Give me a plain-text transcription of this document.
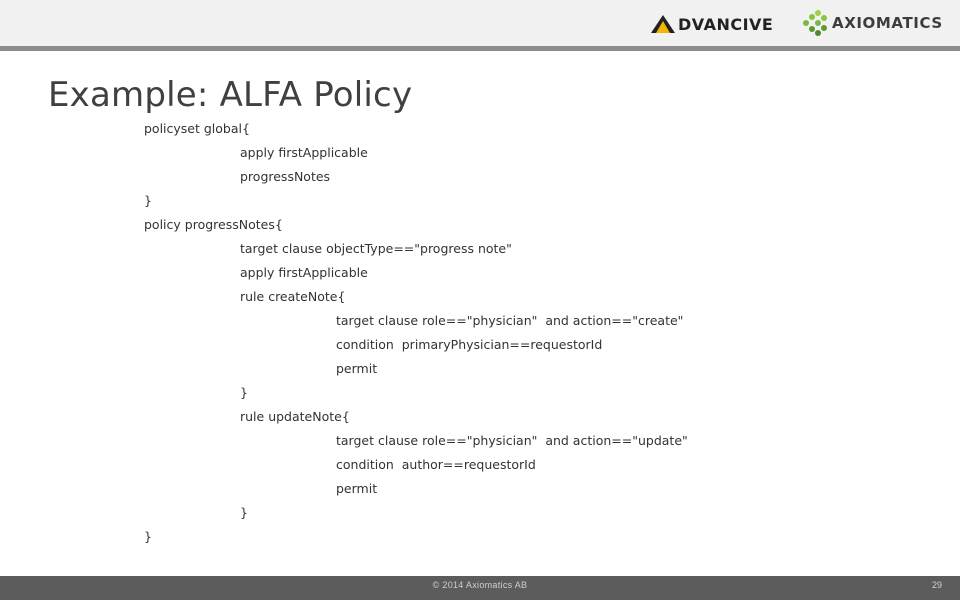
DVANCIVE	AXIOMATICS
Example: ALFA Policy
policyset global{
apply firstApplicable
progressNotes
}
policy progressNotes{
target clause objectType=="progress note"
apply firstApplicable
rule createNote{
target clause role=="physician"  and action=="create"
condition  primaryPhysician==requestorId
permit
}
rule updateNote{
target clause role=="physician"  and action=="update"
condition  author==requestorId
permit
}
}
© 2014 Axiomatics AB	29
